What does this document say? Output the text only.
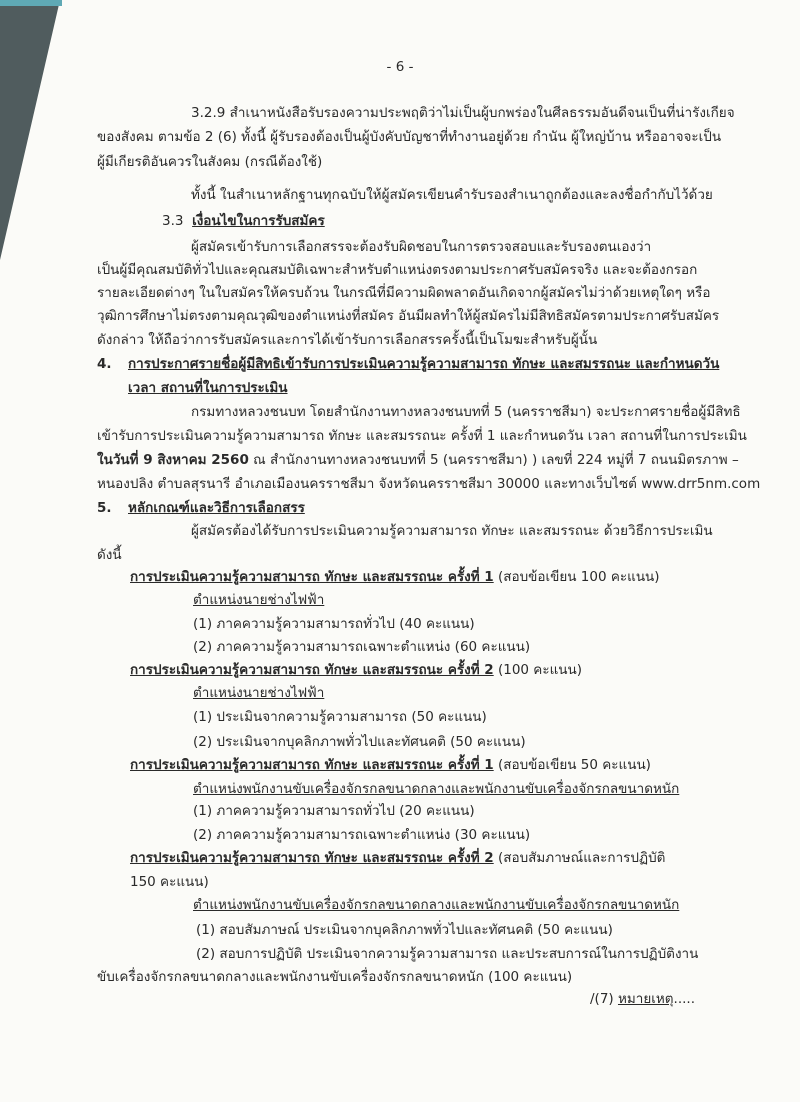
- 6 -
3.2.9 สำเนาหนังสือรับรองความประพฤติว่าไม่เป็นผู้บกพร่องในศีลธรรมอันดีจนเป็นที่น่ารังเกียจ
ของสังคม ตามข้อ 2 (6) ทั้งนี้ ผู้รับรองต้องเป็นผู้บังคับบัญชาที่ทำงานอยู่ด้วย กำนัน ผู้ใหญ่บ้าน หรืออาจจะเป็น
ผู้มีเกียรติอันควรในสังคม (กรณีต้องใช้)
ทั้งนี้ ในสำเนาหลักฐานทุกฉบับให้ผู้สมัครเขียนคำรับรองสำเนาถูกต้องและลงชื่อกำกับไว้ด้วย
3.3 เงื่อนไขในการรับสมัคร
ผู้สมัครเข้ารับการเลือกสรรจะต้องรับผิดชอบในการตรวจสอบและรับรองตนเองว่า
เป็นผู้มีคุณสมบัติทั่วไปและคุณสมบัติเฉพาะสำหรับตำแหน่งตรงตามประกาศรับสมัครจริง และจะต้องกรอก
รายละเอียดต่างๆ ในใบสมัครให้ครบถ้วน ในกรณีที่มีความผิดพลาดอันเกิดจากผู้สมัครไม่ว่าด้วยเหตุใดๆ หรือ
วุฒิการศึกษาไม่ตรงตามคุณวุฒิของตำแหน่งที่สมัคร อันมีผลทำให้ผู้สมัครไม่มีสิทธิสมัครตามประกาศรับสมัคร
ดังกล่าว ให้ถือว่าการรับสมัครและการได้เข้ารับการเลือกสรรครั้งนี้เป็นโมฆะสำหรับผู้นั้น
4. การประกาศรายชื่อผู้มีสิทธิเข้ารับการประเมินความรู้ความสามารถ ทักษะ และสมรรถนะ และกำหนดวัน
เวลา สถานที่ในการประเมิน
กรมทางหลวงชนบท โดยสำนักงานทางหลวงชนบทที่ 5 (นครราชสีมา) จะประกาศรายชื่อผู้มีสิทธิ
เข้ารับการประเมินความรู้ความสามารถ ทักษะ และสมรรถนะ ครั้งที่ 1 และกำหนดวัน เวลา สถานที่ในการประเมิน
ในวันที่ 9 สิงหาคม 2560 ณ สำนักงานทางหลวงชนบทที่ 5 (นครราชสีมา) ) เลขที่ 224 หมู่ที่ 7 ถนนมิตรภาพ –
หนองปลิง ตำบลสุรนารี อำเภอเมืองนครราชสีมา จังหวัดนครราชสีมา 30000 และทางเว็บไซต์ www.drr5nm.com
5. หลักเกณฑ์และวิธีการเลือกสรร
ผู้สมัครต้องได้รับการประเมินความรู้ความสามารถ ทักษะ และสมรรถนะ ด้วยวิธีการประเมิน
ดังนี้
การประเมินความรู้ความสามารถ ทักษะ และสมรรถนะ ครั้งที่ 1 (สอบข้อเขียน 100 คะแนน)
ตำแหน่งนายช่างไฟฟ้า
(1) ภาคความรู้ความสามารถทั่วไป (40 คะแนน)
(2) ภาคความรู้ความสามารถเฉพาะตำแหน่ง (60 คะแนน)
การประเมินความรู้ความสามารถ ทักษะ และสมรรถนะ ครั้งที่ 2 (100 คะแนน)
ตำแหน่งนายช่างไฟฟ้า
(1) ประเมินจากความรู้ความสามารถ (50 คะแนน)
(2) ประเมินจากบุคลิกภาพทั่วไปและทัศนคติ (50 คะแนน)
การประเมินความรู้ความสามารถ ทักษะ และสมรรถนะ ครั้งที่ 1 (สอบข้อเขียน 50 คะแนน)
ตำแหน่งพนักงานขับเครื่องจักรกลขนาดกลางและพนักงานขับเครื่องจักรกลขนาดหนัก
(1) ภาคความรู้ความสามารถทั่วไป (20 คะแนน)
(2) ภาคความรู้ความสามารถเฉพาะตำแหน่ง (30 คะแนน)
การประเมินความรู้ความสามารถ ทักษะ และสมรรถนะ ครั้งที่ 2 (สอบสัมภาษณ์และการปฏิบัติ
150 คะแนน)
ตำแหน่งพนักงานขับเครื่องจักรกลขนาดกลางและพนักงานขับเครื่องจักรกลขนาดหนัก
(1) สอบสัมภาษณ์ ประเมินจากบุคลิกภาพทั่วไปและทัศนคติ (50 คะแนน)
(2) สอบการปฏิบัติ ประเมินจากความรู้ความสามารถ และประสบการณ์ในการปฏิบัติงาน
ขับเครื่องจักรกลขนาดกลางและพนักงานขับเครื่องจักรกลขนาดหนัก (100 คะแนน)
/(7) หมายเหตุ.....
